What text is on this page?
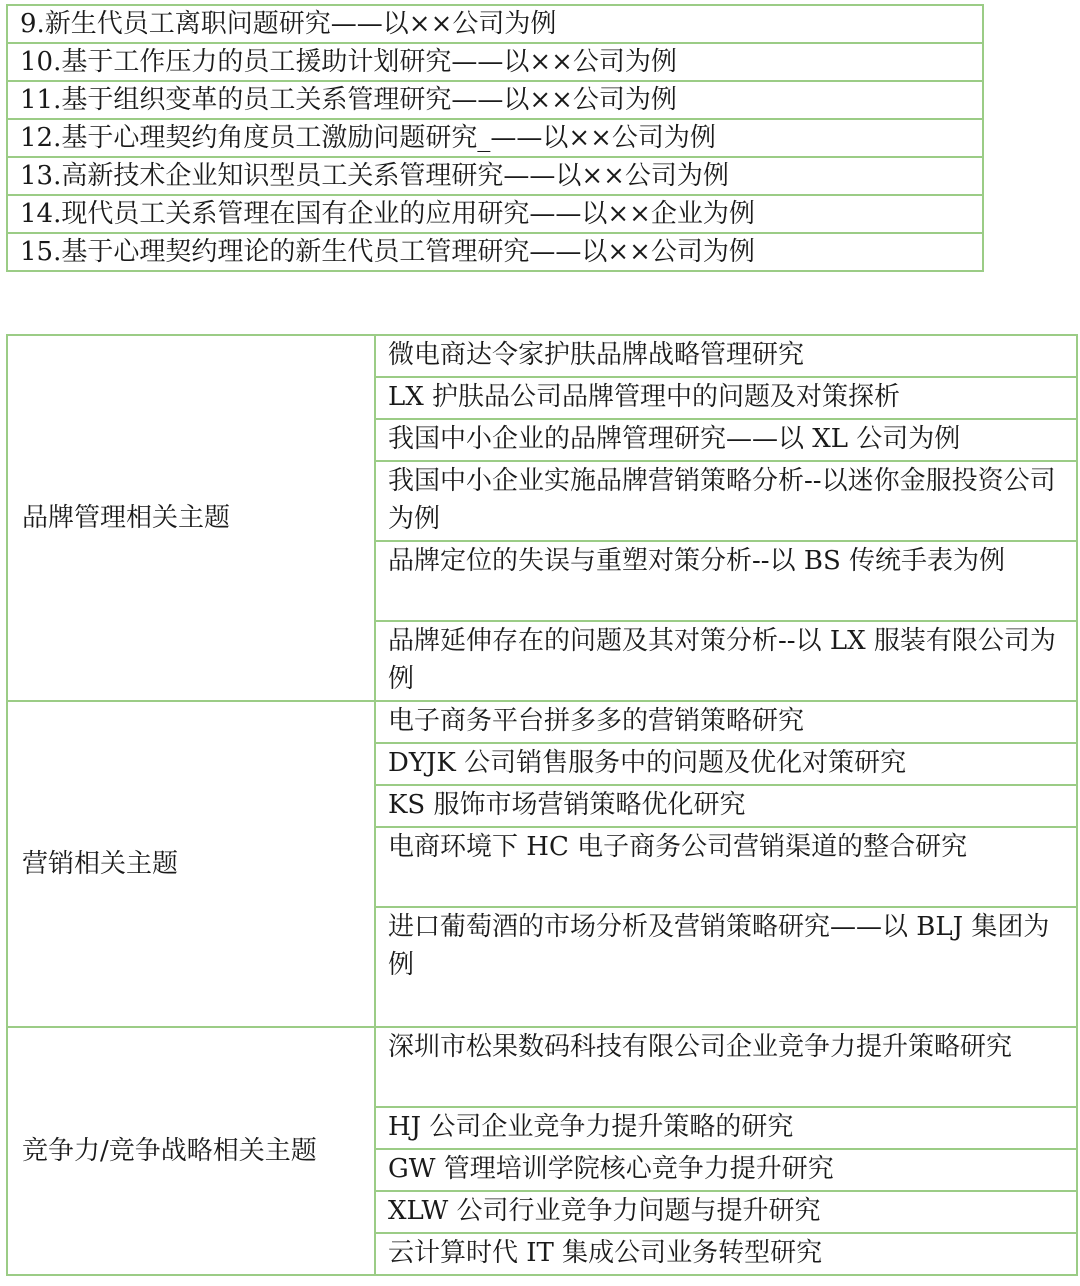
9.新生代员工离职问题研究——以××公司为例
10.基于工作压力的员工援助计划研究——以××公司为例
11.基于组织变革的员工关系管理研究——以××公司为例
12.基于心理契约角度员工激励问题研究_——以××公司为例
13.高新技术企业知识型员工关系管理研究——以××公司为例
14.现代员工关系管理在国有企业的应用研究——以××企业为例
15.基于心理契约理论的新生代员工管理研究——以××公司为例
品牌管理相关主题	微电商达令家护肤品牌战略管理研究
	LX 护肤品公司品牌管理中的问题及对策探析
	我国中小企业的品牌管理研究——以 XL 公司为例
	我国中小企业实施品牌营销策略分析--以迷你金服投资公司为例
	品牌定位的失误与重塑对策分析--以 BS 传统手表为例
	品牌延伸存在的问题及其对策分析--以 LX 服装有限公司为例
营销相关主题	电子商务平台拼多多的营销策略研究
	DYJK 公司销售服务中的问题及优化对策研究
	KS 服饰市场营销策略优化研究
	电商环境下 HC 电子商务公司营销渠道的整合研究
	进口葡萄酒的市场分析及营销策略研究——以 BLJ 集团为例
竞争力/竞争战略相关主题	深圳市松果数码科技有限公司企业竞争力提升策略研究
	HJ 公司企业竞争力提升策略的研究
	GW 管理培训学院核心竞争力提升研究
	XLW 公司行业竞争力问题与提升研究
	云计算时代 IT 集成公司业务转型研究
